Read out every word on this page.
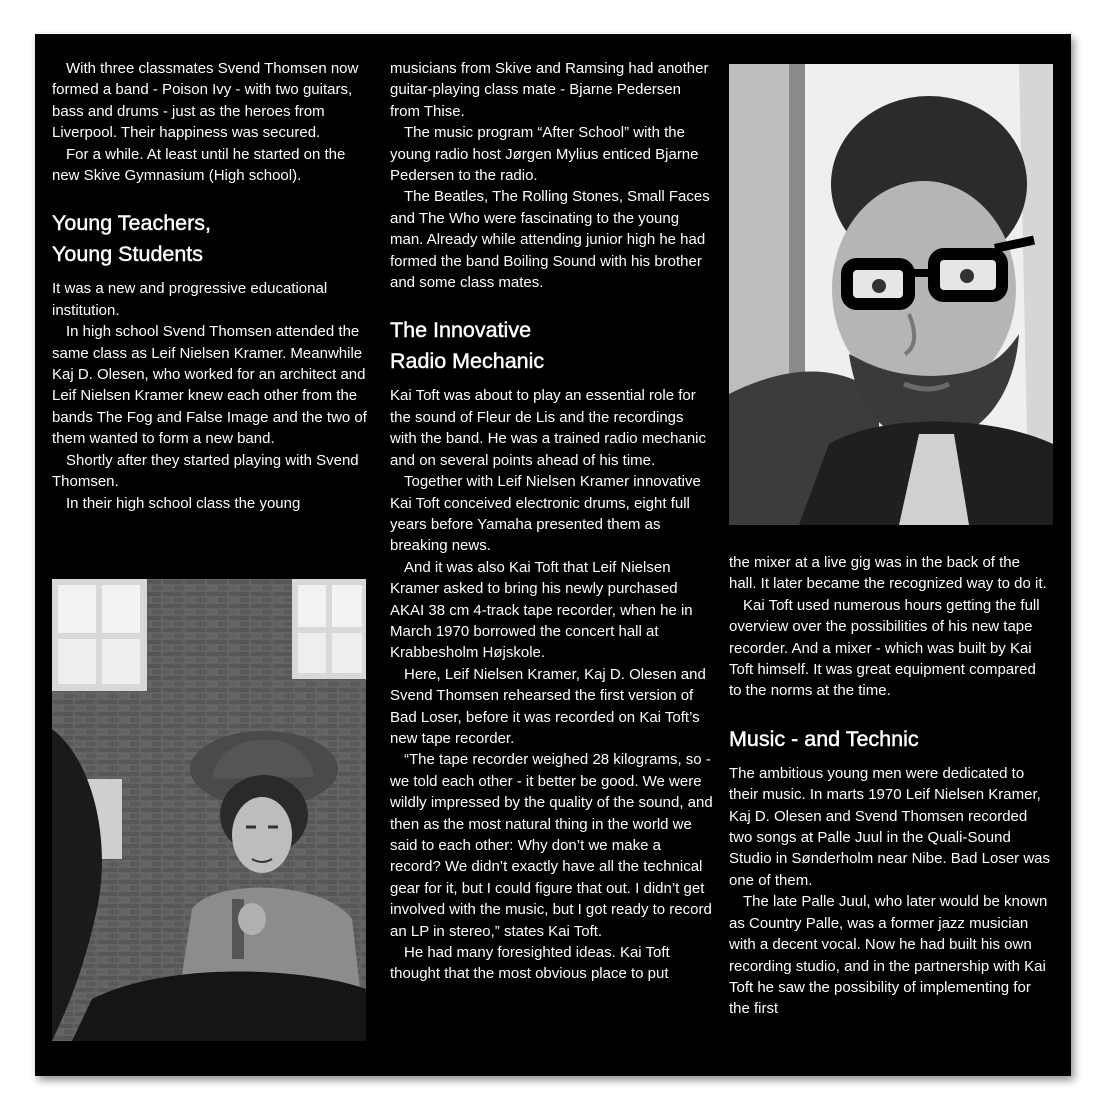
With three classmates Svend Thomsen now formed a band - Poison Ivy - with two guitars, bass and drums - just as the heroes from Liverpool. Their happiness was secured.

For a while. At least until he started on the new Skive Gymnasium (High school).

Young Teachers,
Young Students

It was a new and progressive educational institution.

In high school Svend Thomsen attended the same class as Leif Nielsen Kramer. Meanwhile Kaj D. Olesen, who worked for an architect and Leif Nielsen Kramer knew each other from the bands The Fog and False Image and the two of them wanted to form a new band.

Shortly after they started playing with Svend Thomsen.

In their high school class the young

musicians from Skive and Ramsing had another guitar-playing class mate - Bjarne Pedersen from Thise.

The music program “After School” with the young radio host Jørgen Mylius enticed Bjarne Pedersen to the radio.

The Beatles, The Rolling Stones, Small Faces and The Who were fascinating to the young man. Already while attending junior high he had formed the band Boiling Sound with his brother and some class mates.

The Innovative
Radio Mechanic

Kai Toft was about to play an essential role for the sound of Fleur de Lis and the recordings with the band. He was a trained radio mechanic and on several points ahead of his time.

Together with Leif Nielsen Kramer innovative Kai Toft conceived electronic drums, eight full years before Yamaha presented them as breaking news.

And it was also Kai Toft that Leif Nielsen Kramer asked to bring his newly purchased AKAI 38 cm 4-track tape recorder, when he in March 1970 borrowed the concert hall at Krabbesholm Højskole.

Here, Leif Nielsen Kramer, Kaj D. Olesen and Svend Thomsen rehearsed the first version of Bad Loser, before it was recorded on Kai Toft’s new tape recorder.

“The tape recorder weighed 28 kilograms, so - we told each other - it better be good. We were wildly impressed by the quality of the sound, and then as the most natural thing in the world we said to each other: Why don’t we make a record? We didn’t exactly have all the technical gear for it, but I could figure that out. I didn’t get involved with the music, but I got ready to record an LP in stereo,” states Kai Toft.

He had many foresighted ideas. Kai Toft thought that the most obvious place to put

the mixer at a live gig was in the back of the hall. It later became the recognized way to do it.

Kai Toft used numerous hours getting the full overview over the possibilities of his new tape recorder. And a mixer - which was built by Kai Toft himself. It was great equipment compared to the norms at the time.

Music - and Technic

The ambitious young men were dedicated to their music. In marts 1970 Leif Nielsen Kramer, Kaj D. Olesen and Svend Thomsen recorded two songs at Palle Juul in the Quali-Sound Studio in Sønderholm near Nibe. Bad Loser was one of them.

The late Palle Juul, who later would be known as Country Palle, was a former jazz musician with a decent vocal. Now he had built his own recording studio, and in the partnership with Kai Toft he saw the possibility of implementing for the first
